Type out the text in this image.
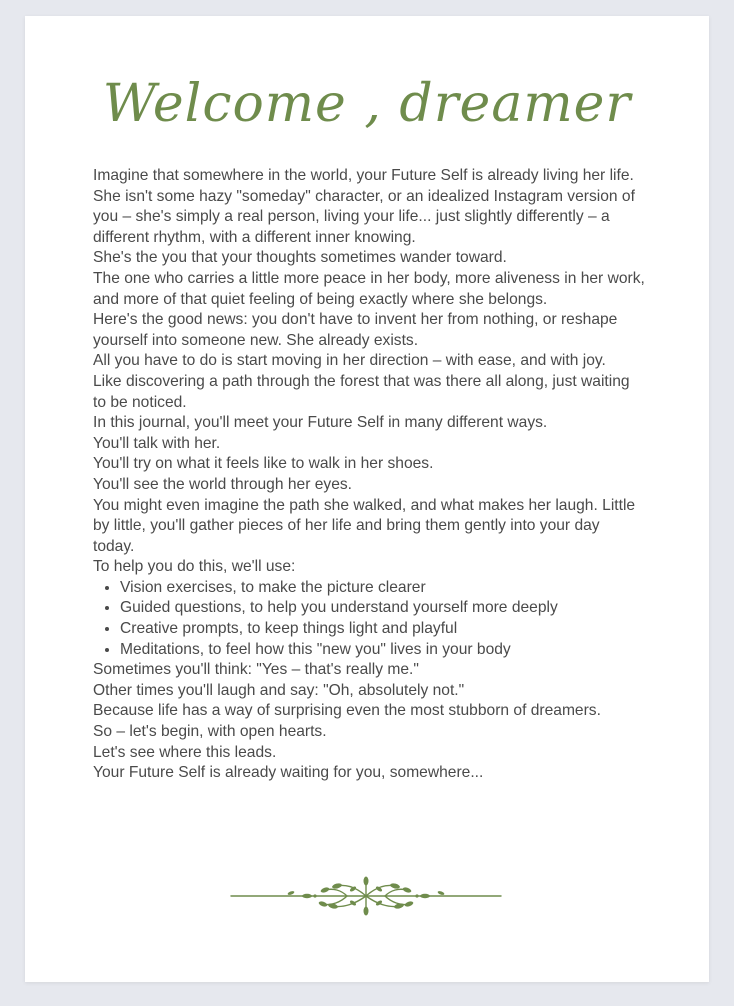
Welcome , dreamer

Imagine that somewhere in the world, your Future Self is already living her life.

She isn't some hazy "someday" character, or an idealized Instagram version of you – she's simply a real person, living your life... just slightly differently – a different rhythm, with a different inner knowing.

She's the you that your thoughts sometimes wander toward.

The one who carries a little more peace in her body, more aliveness in her work, and more of that quiet feeling of being exactly where she belongs.

Here's the good news: you don't have to invent her from nothing, or reshape yourself into someone new. She already exists.

All you have to do is start moving in her direction – with ease, and with joy.

Like discovering a path through the forest that was there all along, just waiting to be noticed.

In this journal, you'll meet your Future Self in many different ways.

You'll talk with her.

You'll try on what it feels like to walk in her shoes.

You'll see the world through her eyes.

You might even imagine the path she walked, and what makes her laugh. Little by little, you'll gather pieces of her life and bring them gently into your day today.

To help you do this, we'll use:

• Vision exercises, to make the picture clearer
• Guided questions, to help you understand yourself more deeply
• Creative prompts, to keep things light and playful
• Meditations, to feel how this "new you" lives in your body

Sometimes you'll think: "Yes – that's really me."

Other times you'll laugh and say: "Oh, absolutely not."

Because life has a way of surprising even the most stubborn of dreamers.

So – let's begin, with open hearts.

Let's see where this leads.

Your Future Self is already waiting for you, somewhere...
